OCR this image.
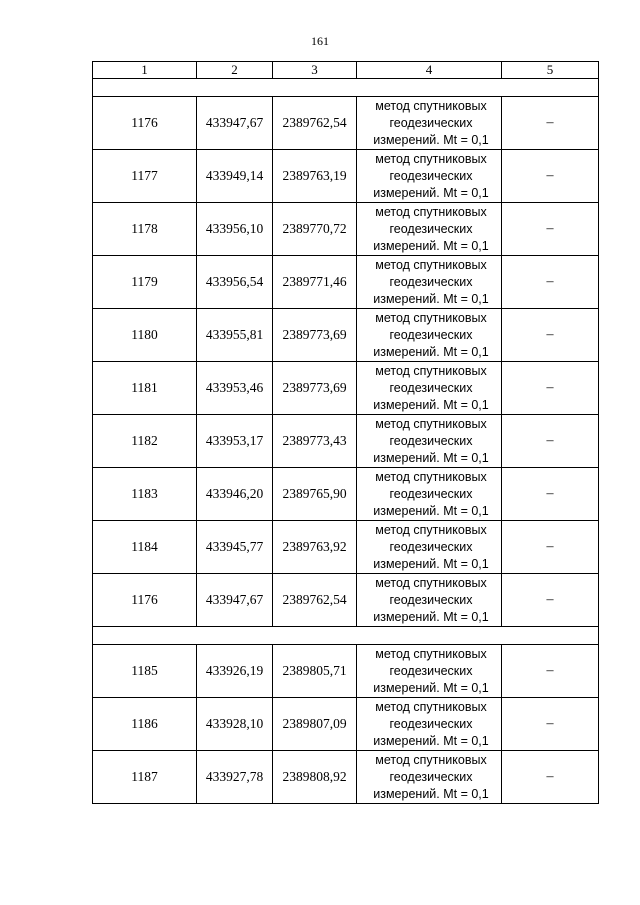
161
1	2	3	4	5

1176	433947,67	2389762,54	метод спутниковых
геодезических
измерений. Mt = 0,1	–
1177	433949,14	2389763,19	метод спутниковых
геодезических
измерений. Mt = 0,1	–
1178	433956,10	2389770,72	метод спутниковых
геодезических
измерений. Mt = 0,1	–
1179	433956,54	2389771,46	метод спутниковых
геодезических
измерений. Mt = 0,1	–
1180	433955,81	2389773,69	метод спутниковых
геодезических
измерений. Mt = 0,1	–
1181	433953,46	2389773,69	метод спутниковых
геодезических
измерений. Mt = 0,1	–
1182	433953,17	2389773,43	метод спутниковых
геодезических
измерений. Mt = 0,1	–
1183	433946,20	2389765,90	метод спутниковых
геодезических
измерений. Mt = 0,1	–
1184	433945,77	2389763,92	метод спутниковых
геодезических
измерений. Mt = 0,1	–
1176	433947,67	2389762,54	метод спутниковых
геодезических
измерений. Mt = 0,1	–

1185	433926,19	2389805,71	метод спутниковых
геодезических
измерений. Mt = 0,1	–
1186	433928,10	2389807,09	метод спутниковых
геодезических
измерений. Mt = 0,1	–
1187	433927,78	2389808,92	метод спутниковых
геодезических
измерений. Mt = 0,1	–
